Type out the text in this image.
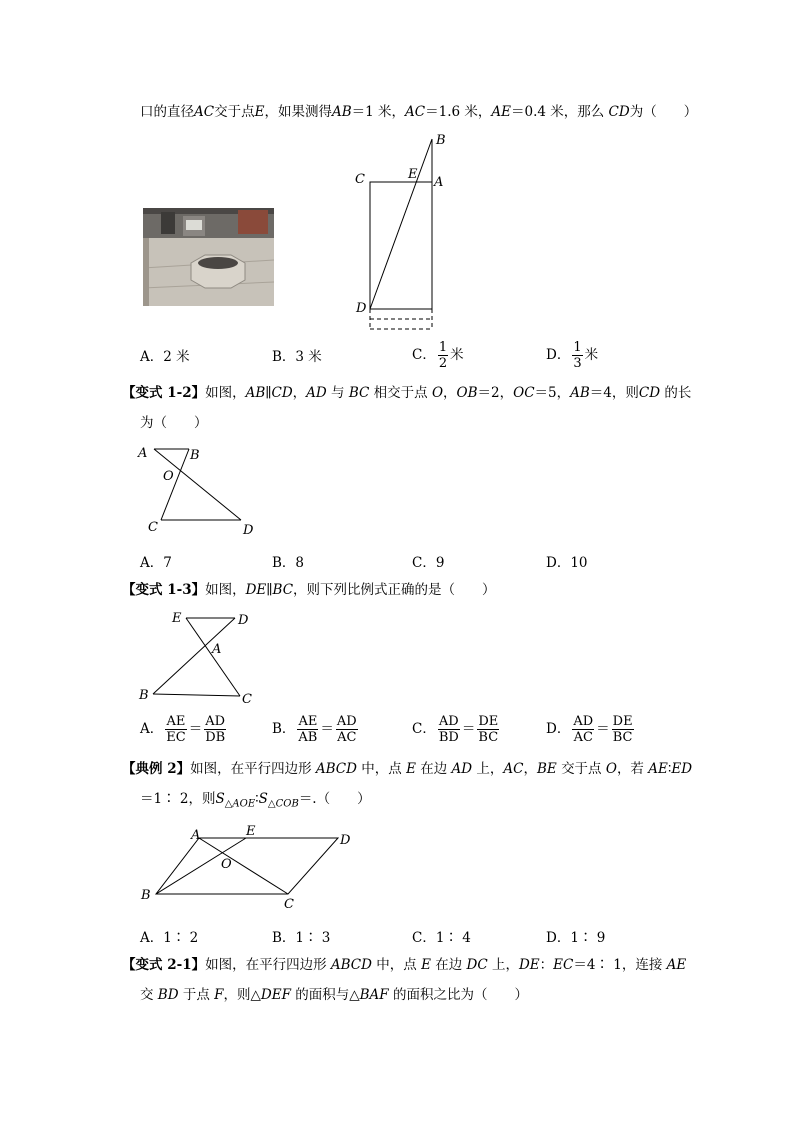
口的直径AC交于点E，如果测得AB＝1 米，AC＝1.6 米，AE＝0.4 米，那么 CD为（　　）
B
C	E
A
D
A．2 米	B．3 米	C． $\frac{1}{2}$ 米	D． $\frac{1}{3}$ 米
【变式 1-2】如图，AB∥CD，AD 与 BC 相交于点 O，OB＝2，OC＝5，AB＝4，则CD 的长
为（　　）
A	B
O
C	D
A．7	B．8	C．9	D．10
【变式 1-3】如图，DE∥BC，则下列比例式正确的是（　　）
E	D
A
B	C
A． $\frac{AE}{EC} = \frac{AD}{DB}$	B． $\frac{AE}{AB} = \frac{AD}{AC}$	C． $\frac{AD}{BD} = \frac{DE}{BC}$	D． $\frac{AD}{AC} = \frac{DE}{BC}$
【典例 2】如图，在平行四边形 ABCD 中，点 E 在边 AD 上，AC，BE 交于点 O，若 AE∶ED
＝1∶ 2，则$S_{\triangle AOE}∶S_{\triangle COB}=$.（　　）
A	E
D
O
B
C
A．1∶ 2	B．1∶ 3	C．1∶ 4	D．1∶ 9
【变式 2-1】如图，在平行四边形 ABCD 中，点 E 在边 DC 上，DE：EC＝4∶ 1，连接 AE
交 BD 于点 F，则△DEF 的面积与△BAF 的面积之比为（　　）
